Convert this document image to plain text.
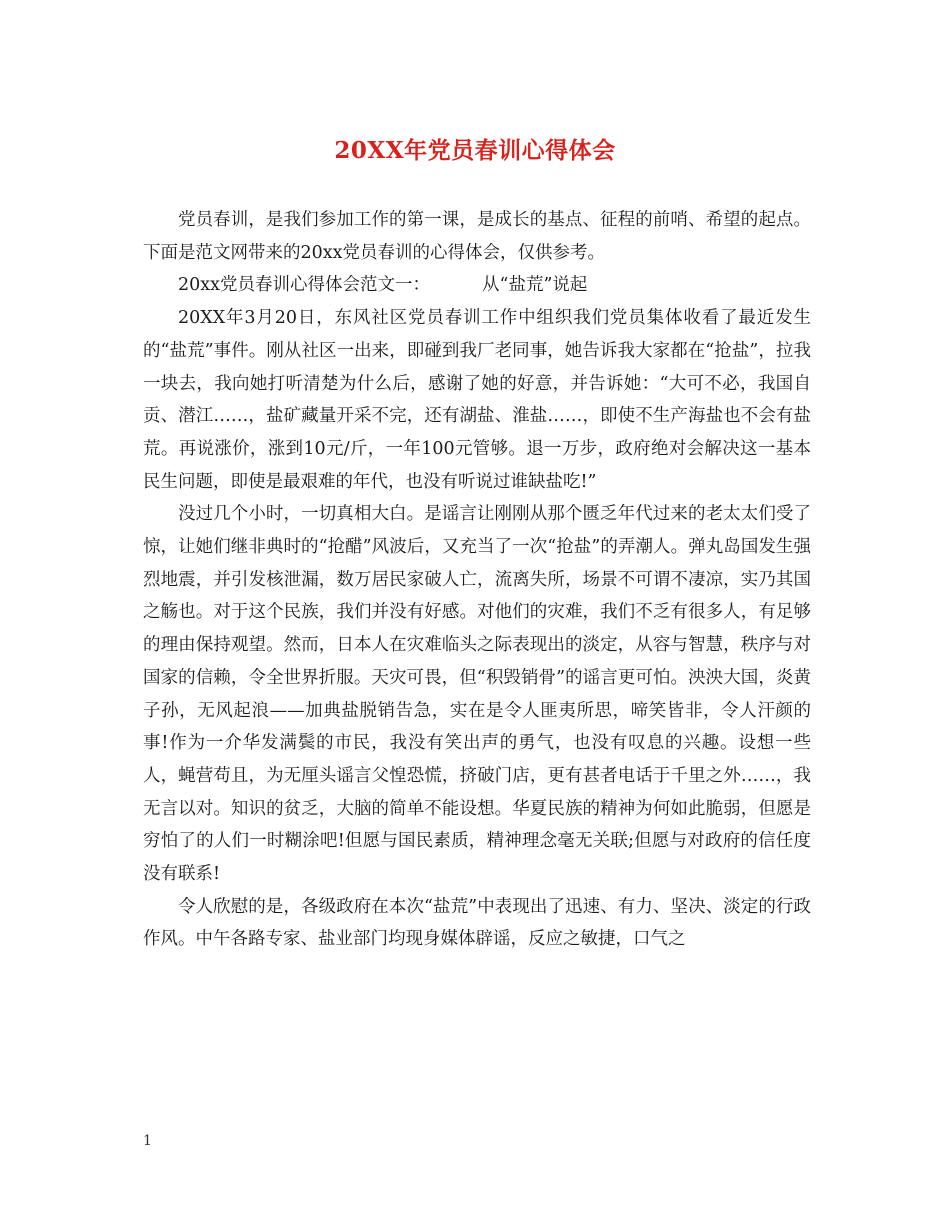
20XX年党员春训心得体会

党员春训，是我们参加工作的第一课，是成长的基点、征程的前哨、希望的起点。下面是范文网带来的20xx党员春训的心得体会，仅供参考。

20xx党员春训心得体会范文一：	从“盐荒”说起

20XX年3月20日，东风社区党员春训工作中组织我们党员集体收看了最近发生的“盐荒”事件。刚从社区一出来，即碰到我厂老同事，她告诉我大家都在“抢盐”，拉我一块去，我向她打听清楚为什么后，感谢了她的好意，并告诉她：“大可不必，我国自贡、潜江……，盐矿藏量开采不完，还有湖盐、淮盐……，即使不生产海盐也不会有盐荒。再说涨价，涨到10元/斤，一年100元管够。退一万步，政府绝对会解决这一基本民生问题，即使是最艰难的年代，也没有听说过谁缺盐吃!”

没过几个小时，一切真相大白。是谣言让刚刚从那个匮乏年代过来的老太太们受了惊，让她们继非典时的“抢醋”风波后，又充当了一次“抢盐”的弄潮人。弹丸岛国发生强烈地震，并引发核泄漏，数万居民家破人亡，流离失所，场景不可谓不凄凉，实乃其国之觞也。对于这个民族，我们并没有好感。对他们的灾难，我们不乏有很多人，有足够的理由保持观望。然而，日本人在灾难临头之际表现出的淡定，从容与智慧，秩序与对国家的信赖，令全世界折服。天灾可畏，但“积毁销骨”的谣言更可怕。泱泱大国，炎黄子孙，无风起浪——加典盐脱销告急，实在是令人匪夷所思，啼笑皆非，令人汗颜的事!作为一介华发满鬓的市民，我没有笑出声的勇气，也没有叹息的兴趣。设想一些人，蝇营苟且，为无厘头谣言父惶恐慌，挤破门店，更有甚者电话于千里之外……，我无言以对。知识的贫乏，大脑的简单不能设想。华夏民族的精神为何如此脆弱，但愿是穷怕了的人们一时糊涂吧!但愿与国民素质，精神理念毫无关联;但愿与对政府的信任度没有联系!

令人欣慰的是，各级政府在本次“盐荒”中表现出了迅速、有力、坚决、淡定的行政作风。中午各路专家、盐业部门均现身媒体辟谣，反应之敏捷，口气之

1
